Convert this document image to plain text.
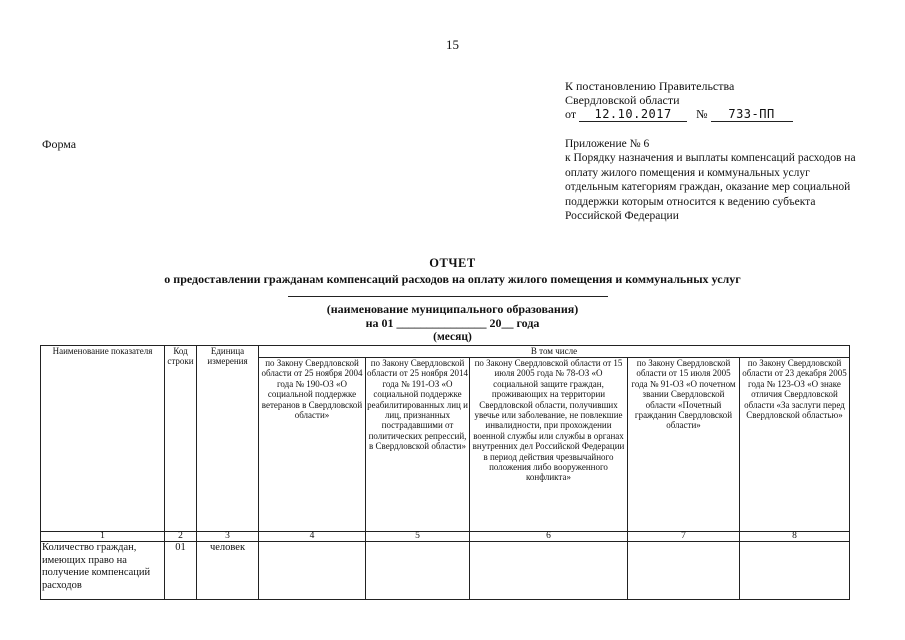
15
К постановлению Правительства
Свердловской области
от 12.10.2017 № 733-ПП
Форма	Приложение № 6
к Порядку назначения и выплаты компенсаций расходов на оплату жилого помещения и коммунальных услуг отдельным категориям граждан, оказание мер социальной поддержки которым относится к ведению субъекта Российской Федерации
ОТЧЕТ
о предоставлении гражданам компенсаций расходов на оплату жилого помещения и коммунальных услуг
(наименование муниципального образования)
на 01 _______________ 20__ года
(месяц)
Наименование показателя	Код строки	Единица измерения	В том числе				
			по Закону Свердловской области от 25 ноября 2004 года № 190-ОЗ «О социальной поддержке ветеранов в Свердловской области»	по Закону Свердловской области от 25 ноября 2014 года № 191-ОЗ «О социальной поддержке реабилитированных лиц и лиц, признанных пострадавшими от политических репрессий, в Свердловской области»	по Закону Свердловской области от 15 июля 2005 года № 78-ОЗ «О социальной защите граждан, проживающих на территории Свердловской области, получивших увечье или заболевание, не повлекшие инвалидности, при прохождении военной службы или службы в органах внутренних дел Российской Федерации в период действия чрезвычайного положения либо вооруженного конфликта»	по Закону Свердловской области от 15 июля 2005 года № 91-ОЗ «О почетном звании Свердловской области «Почетный гражданин Свердловской области»	по Закону Свердловской области от 23 декабря 2005 года № 123-ОЗ «О знаке отличия Свердловской области «За заслуги перед Свердловской областью»
1	2	3	4	5	6	7	8
Количество граждан, имеющих право на получение компенсаций расходов	01	человек					
